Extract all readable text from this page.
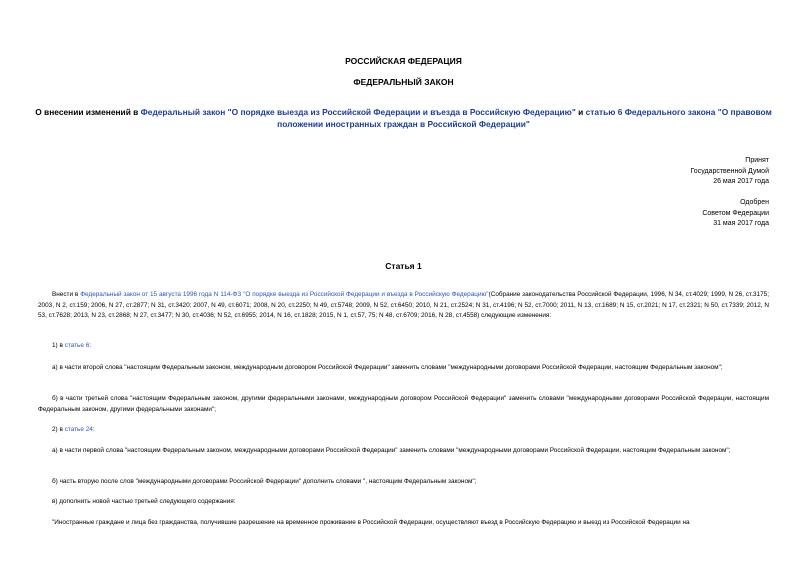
РОССИЙСКАЯ ФЕДЕРАЦИЯ
ФЕДЕРАЛЬНЫЙ ЗАКОН
О внесении изменений в Федеральный закон "О порядке выезда из Российской Федерации и въезда в Российскую Федерацию" и статью 6 Федерального закона "О правовом положении иностранных граждан в Российской Федерации"
Принят
Государственной Думой
26 мая 2017 года
Одобрен
Советом Федерации
31 мая 2017 года
Статья 1

Внести в Федеральный закон от 15 августа 1996 года N 114-ФЗ "О порядке выезда из Российской Федерации и въезда в Российскую Федерацию"(Собрание законодательства Российской Федерации, 1996, N 34, ст.4029; 1999, N 26, ст.3175; 2003, N 2, ст.159; 2006, N 27, ст.2877; N 31, ст.3420; 2007, N 49, ст.6071; 2008, N 20, ст.2250; N 49, ст.5748; 2009, N 52, ст.6450; 2010, N 21, ст.2524; N 31, ст.4196; N 52, ст.7000; 2011, N 13, ст.1689; N 15, ст.2021; N 17, ст.2321; N 50, ст.7339; 2012, N 53, ст.7628; 2013, N 23, ст.2868; N 27, ст.3477; N 30, ст.4036; N 52, ст.6955; 2014, N 16, ст.1828; 2015, N 1, ст.57, 75; N 48, ст.6709; 2016, N 28, ст.4558) следующие изменения:

1) в статье 6:

а) в части второй слова "настоящим Федеральным законом, международным договором Российской Федерации" заменить словами "международными договорами Российской Федерации, настоящим Федеральным законом";

б) в части третьей слова "настоящим Федеральным законом, другими федеральными законами, международным договором Российской Федерации" заменить словами "международными договорами Российской Федерации, настоящим Федеральным законом, другими федеральными законами";

2) в статье 24:

а) в части первой слова "настоящим Федеральным законом, международными договорами Российской Федерации" заменить словами "международными договорами Российской Федерации, настоящим Федеральным законом";

б) часть вторую после слов "международными договорами Российской Федерации" дополнить словами ", настоящим Федеральным законом";

в) дополнить новой частью третьей следующего содержания:

"Иностранные граждане и лица без гражданства, получившие разрешение на временное проживание в Российской Федерации, осуществляют въезд в Российскую Федерацию и выезд из Российской Федерации на
